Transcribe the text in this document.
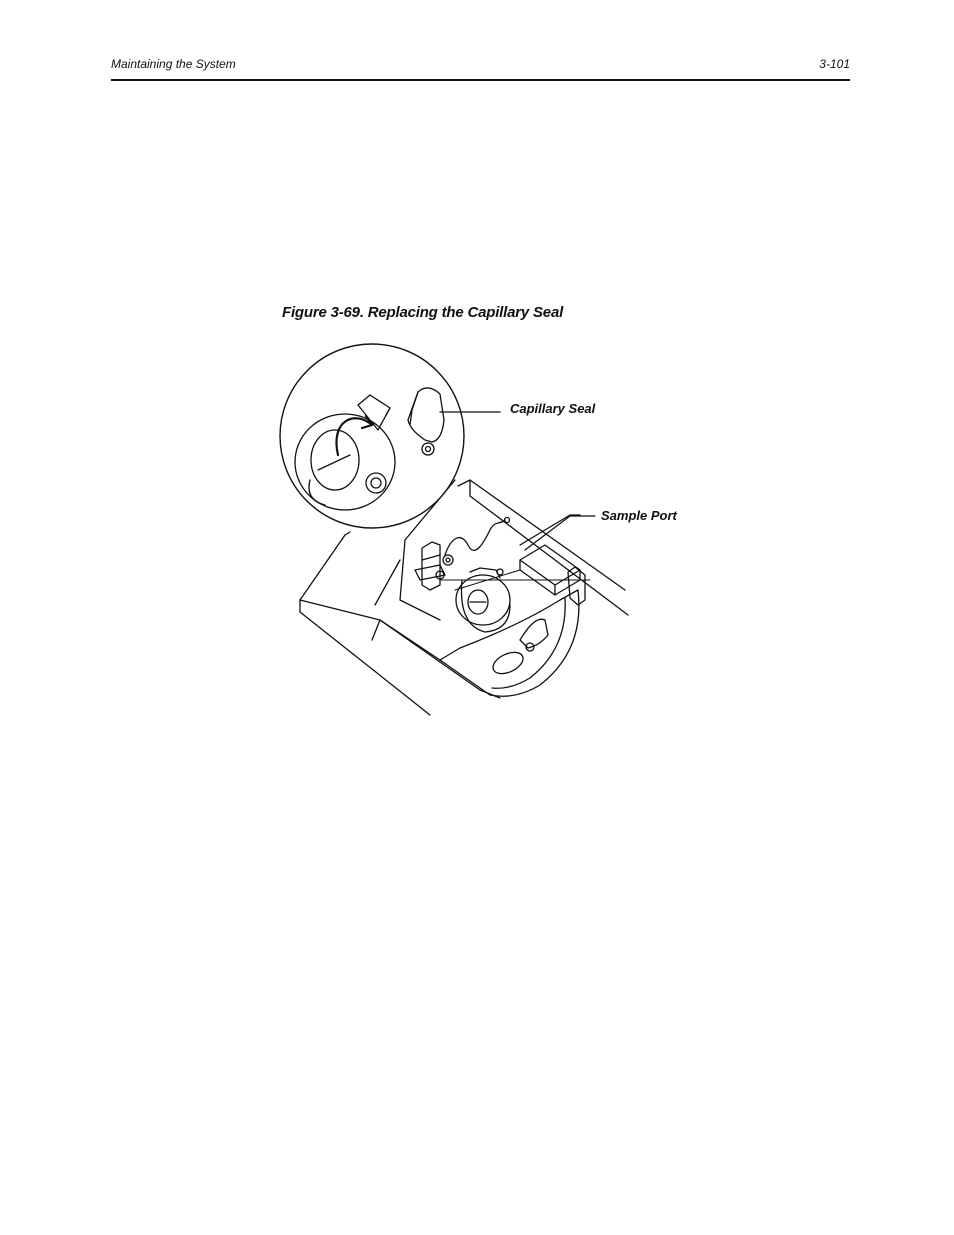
Maintaining the System	3-101
Figure 3-69. Replacing the Capillary Seal
Capillary Seal
Sample Port
